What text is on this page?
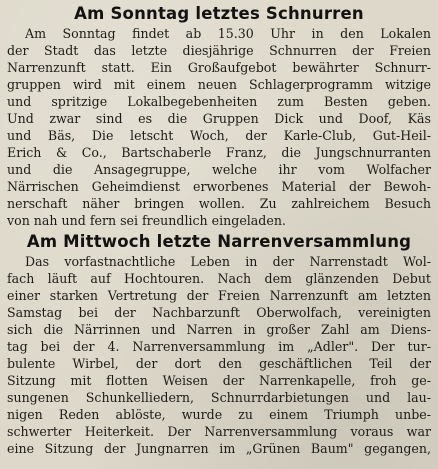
Am Sonntag letztes Schnurren
Am Sonntag findet ab 15.30 Uhr in den Lokalen
der Stadt das letzte diesjährige Schnurren der Freien
Narrenzunft statt. Ein Großaufgebot bewährter Schnurr-
gruppen wird mit einem neuen Schlagerprogramm witzige
und spritzige Lokalbegebenheiten zum Besten geben.
Und zwar sind es die Gruppen Dick und Doof, Käs
und Bäs, Die letscht Woch, der Karle-Club, Gut-Heil-
Erich & Co., Bartschaberle Franz, die Jungschnurranten
und die Ansagegruppe, welche ihr vom Wolfacher
Närrischen Geheimdienst erworbenes Material der Bewoh-
nerschaft näher bringen wollen. Zu zahlreichem Besuch
von nah und fern sei freundlich eingeladen.
Am Mittwoch letzte Narrenversammlung
Das vorfastnachtliche Leben in der Narrenstadt Wol-
fach läuft auf Hochtouren. Nach dem glänzenden Debut
einer starken Vertretung der Freien Narrenzunft am letzten
Samstag bei der Nachbarzunft Oberwolfach, vereinigten
sich die Närrinnen und Narren in großer Zahl am Diens-
tag bei der 4. Narrenversammlung im „Adler". Der tur-
bulente Wirbel, der dort den geschäftlichen Teil der
Sitzung mit flotten Weisen der Narrenkapelle, froh ge-
sungenen Schunkelliedern, Schnurrdarbietungen und lau-
nigen Reden ablöste, wurde zu einem Triumph unbe-
schwerter Heiterkeit. Der Narrenversammlung voraus war
eine Sitzung der Jungnarren im „Grünen Baum" gegangen,
